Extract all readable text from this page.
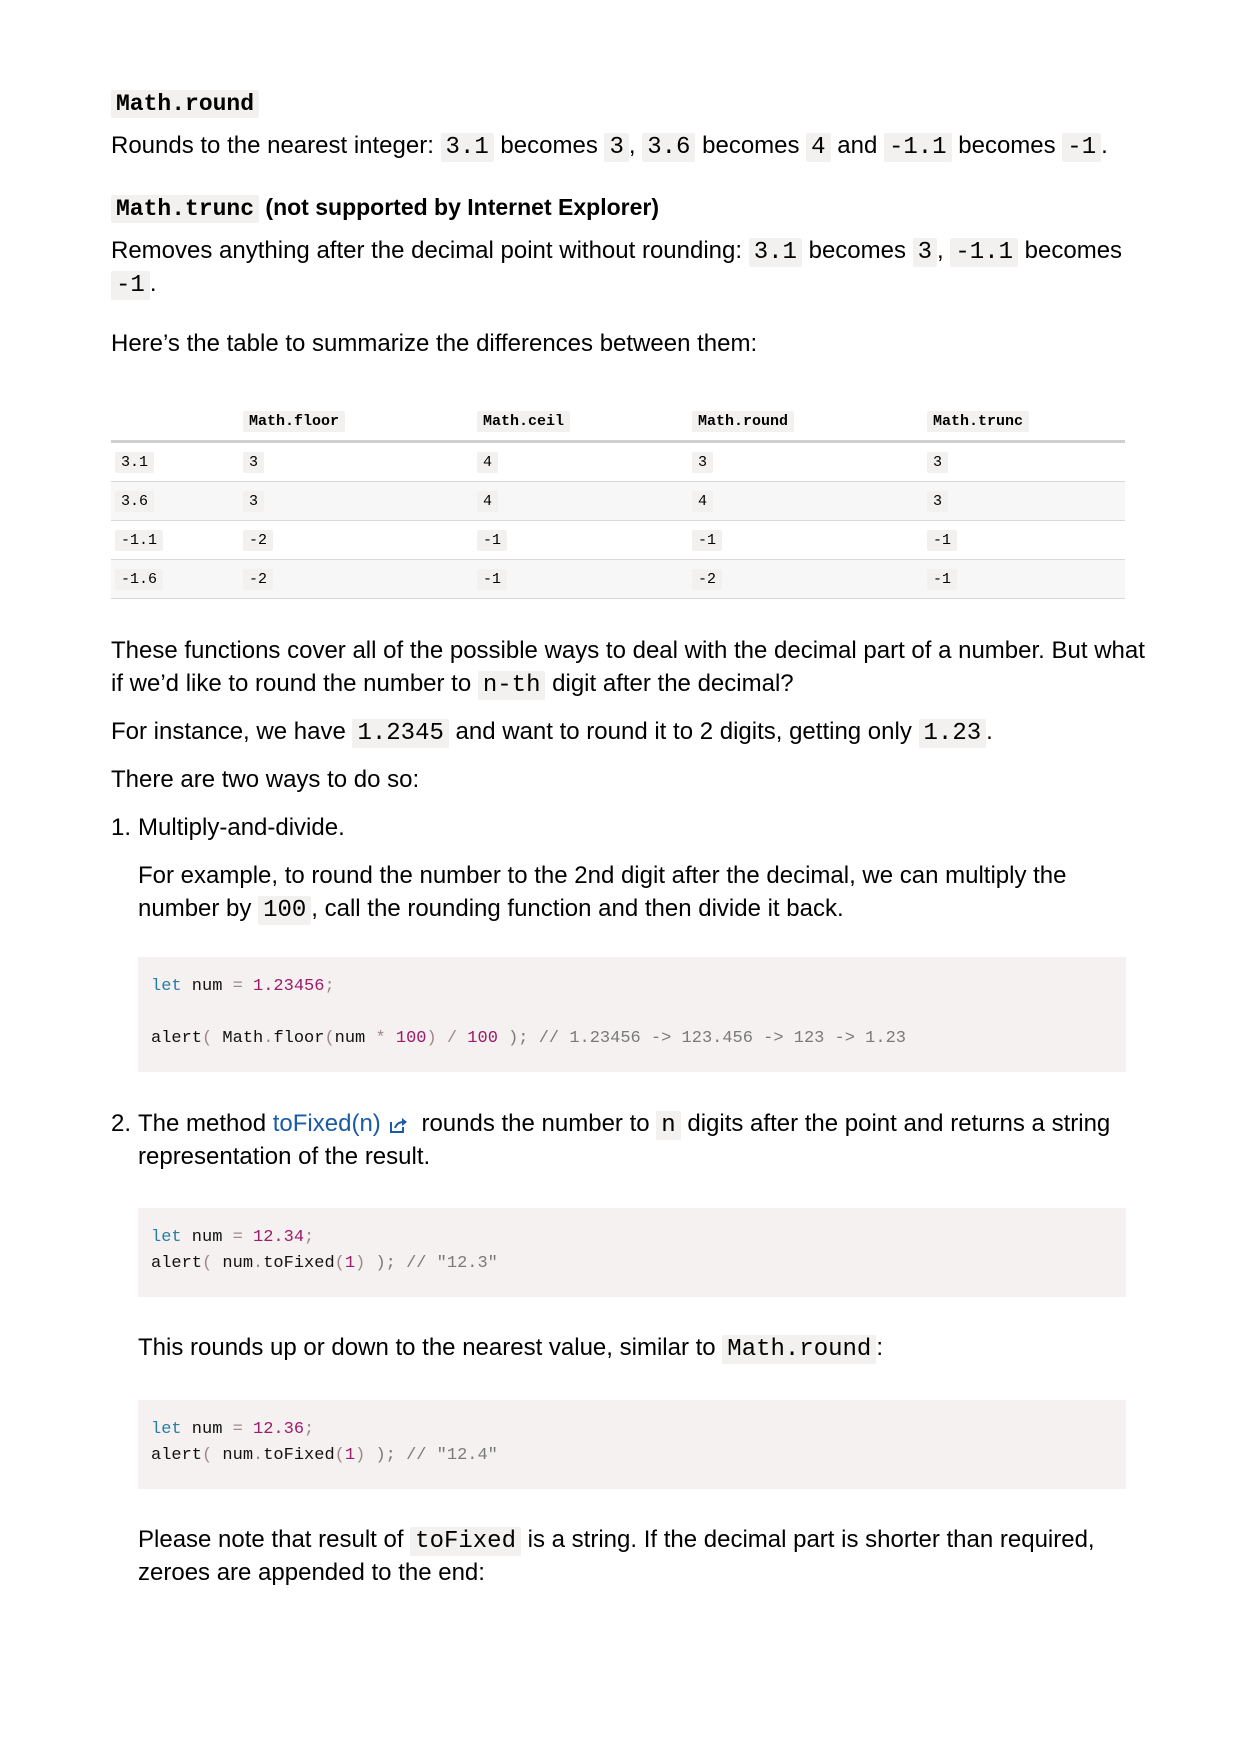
Math.round
Rounds to the nearest integer: 3.1 becomes 3 , 3.6 becomes 4 and -1.1 becomes -1 .
Math.trunc (not supported by Internet Explorer)
Removes anything after the decimal point without rounding: 3.1 becomes 3 , -1.1 becomes
-1 .
Here’s the table to summarize the differences between them:
	Math.floor	Math.ceil	Math.round	Math.trunc
3.1	3	4	3	3
3.6	3	4	4	3
-1.1	-2	-1	-1	-1
-1.6	-2	-1	-2	-1
These functions cover all of the possible ways to deal with the decimal part of a number. But what
if we’d like to round the number to n-th digit after the decimal?
For instance, we have 1.2345 and want to round it to 2 digits, getting only 1.23 .
There are two ways to do so:
1. Multiply-and-divide.
For example, to round the number to the 2nd digit after the decimal, we can multiply the
number by 100 , call the rounding function and then divide it back.

let num = 1.23456;

alert( Math.floor(num * 100) / 100 ); // 1.23456 -> 123.456 -> 123 -> 1.23

2. The method toFixed(n) rounds the number to n digits after the point and returns a string
representation of the result.

let num = 12.34;

alert( num.toFixed(1) ); // "12.3"

This rounds up or down to the nearest value, similar to Math.round :

let num = 12.36;

alert( num.toFixed(1) ); // "12.4"

Please note that result of toFixed is a string. If the decimal part is shorter than required,
zeroes are appended to the end:
